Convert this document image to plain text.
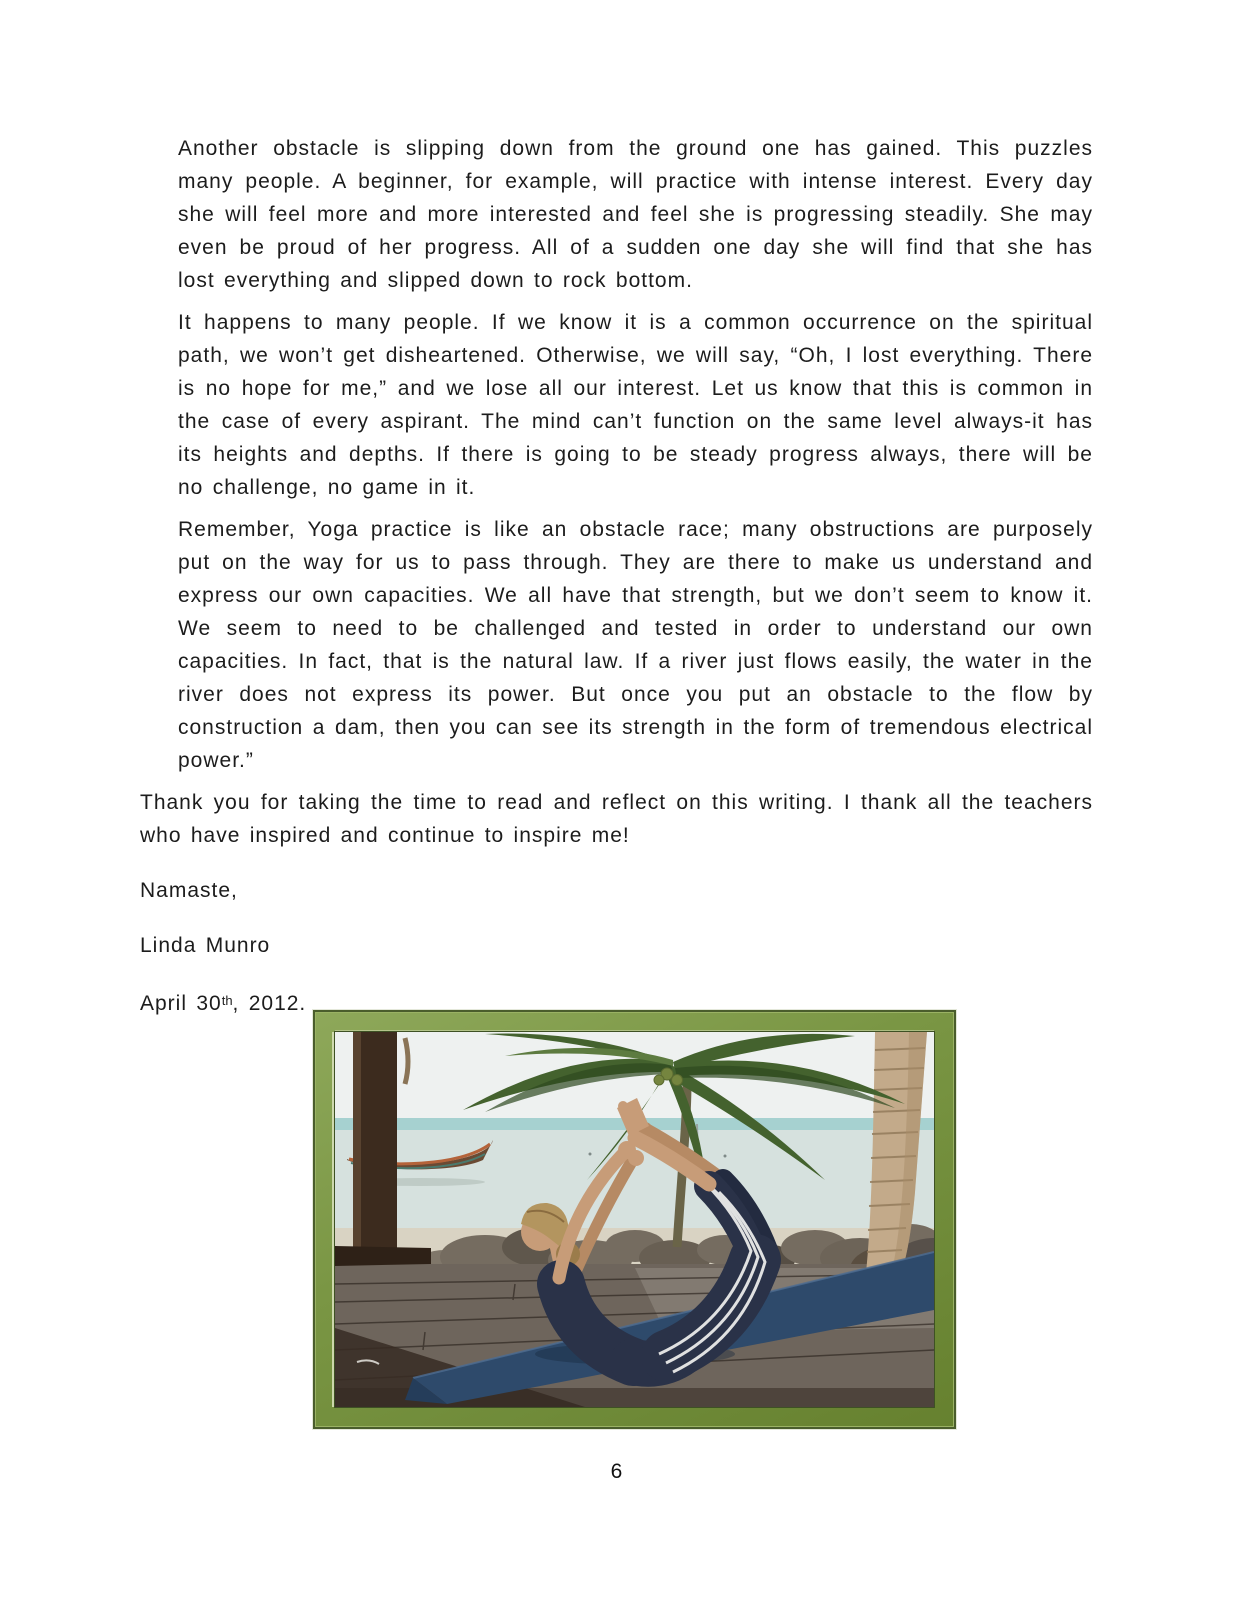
Another obstacle is slipping down from the ground one has gained. This puzzles many people. A beginner, for example, will practice with intense interest. Every day she will feel more and more interested and feel she is progressing steadily. She may even be proud of her progress. All of a sudden one day she will find that she has lost everything and slipped down to rock bottom.

It happens to many people. If we know it is a common occurrence on the spiritual path, we won’t get disheartened. Otherwise, we will say, “Oh, I lost everything. There is no hope for me,” and we lose all our interest. Let us know that this is common in the case of every aspirant. The mind can’t function on the same level always-it has its heights and depths. If there is going to be steady progress always, there will be no challenge, no game in it.

Remember, Yoga practice is like an obstacle race; many obstructions are purposely put on the way for us to pass through. They are there to make us understand and express our own capacities. We all have that strength, but we don’t seem to know it. We seem to need to be challenged and tested in order to understand our own capacities. In fact, that is the natural law. If a river just flows easily, the water in the river does not express its power. But once you put an obstacle to the flow by construction a dam, then you can see its strength in the form of tremendous electrical power.”

Thank you for taking the time to read and reflect on this writing. I thank all the teachers who have inspired and continue to inspire me!

Namaste,

Linda Munro

April 30th, 2012.

6
